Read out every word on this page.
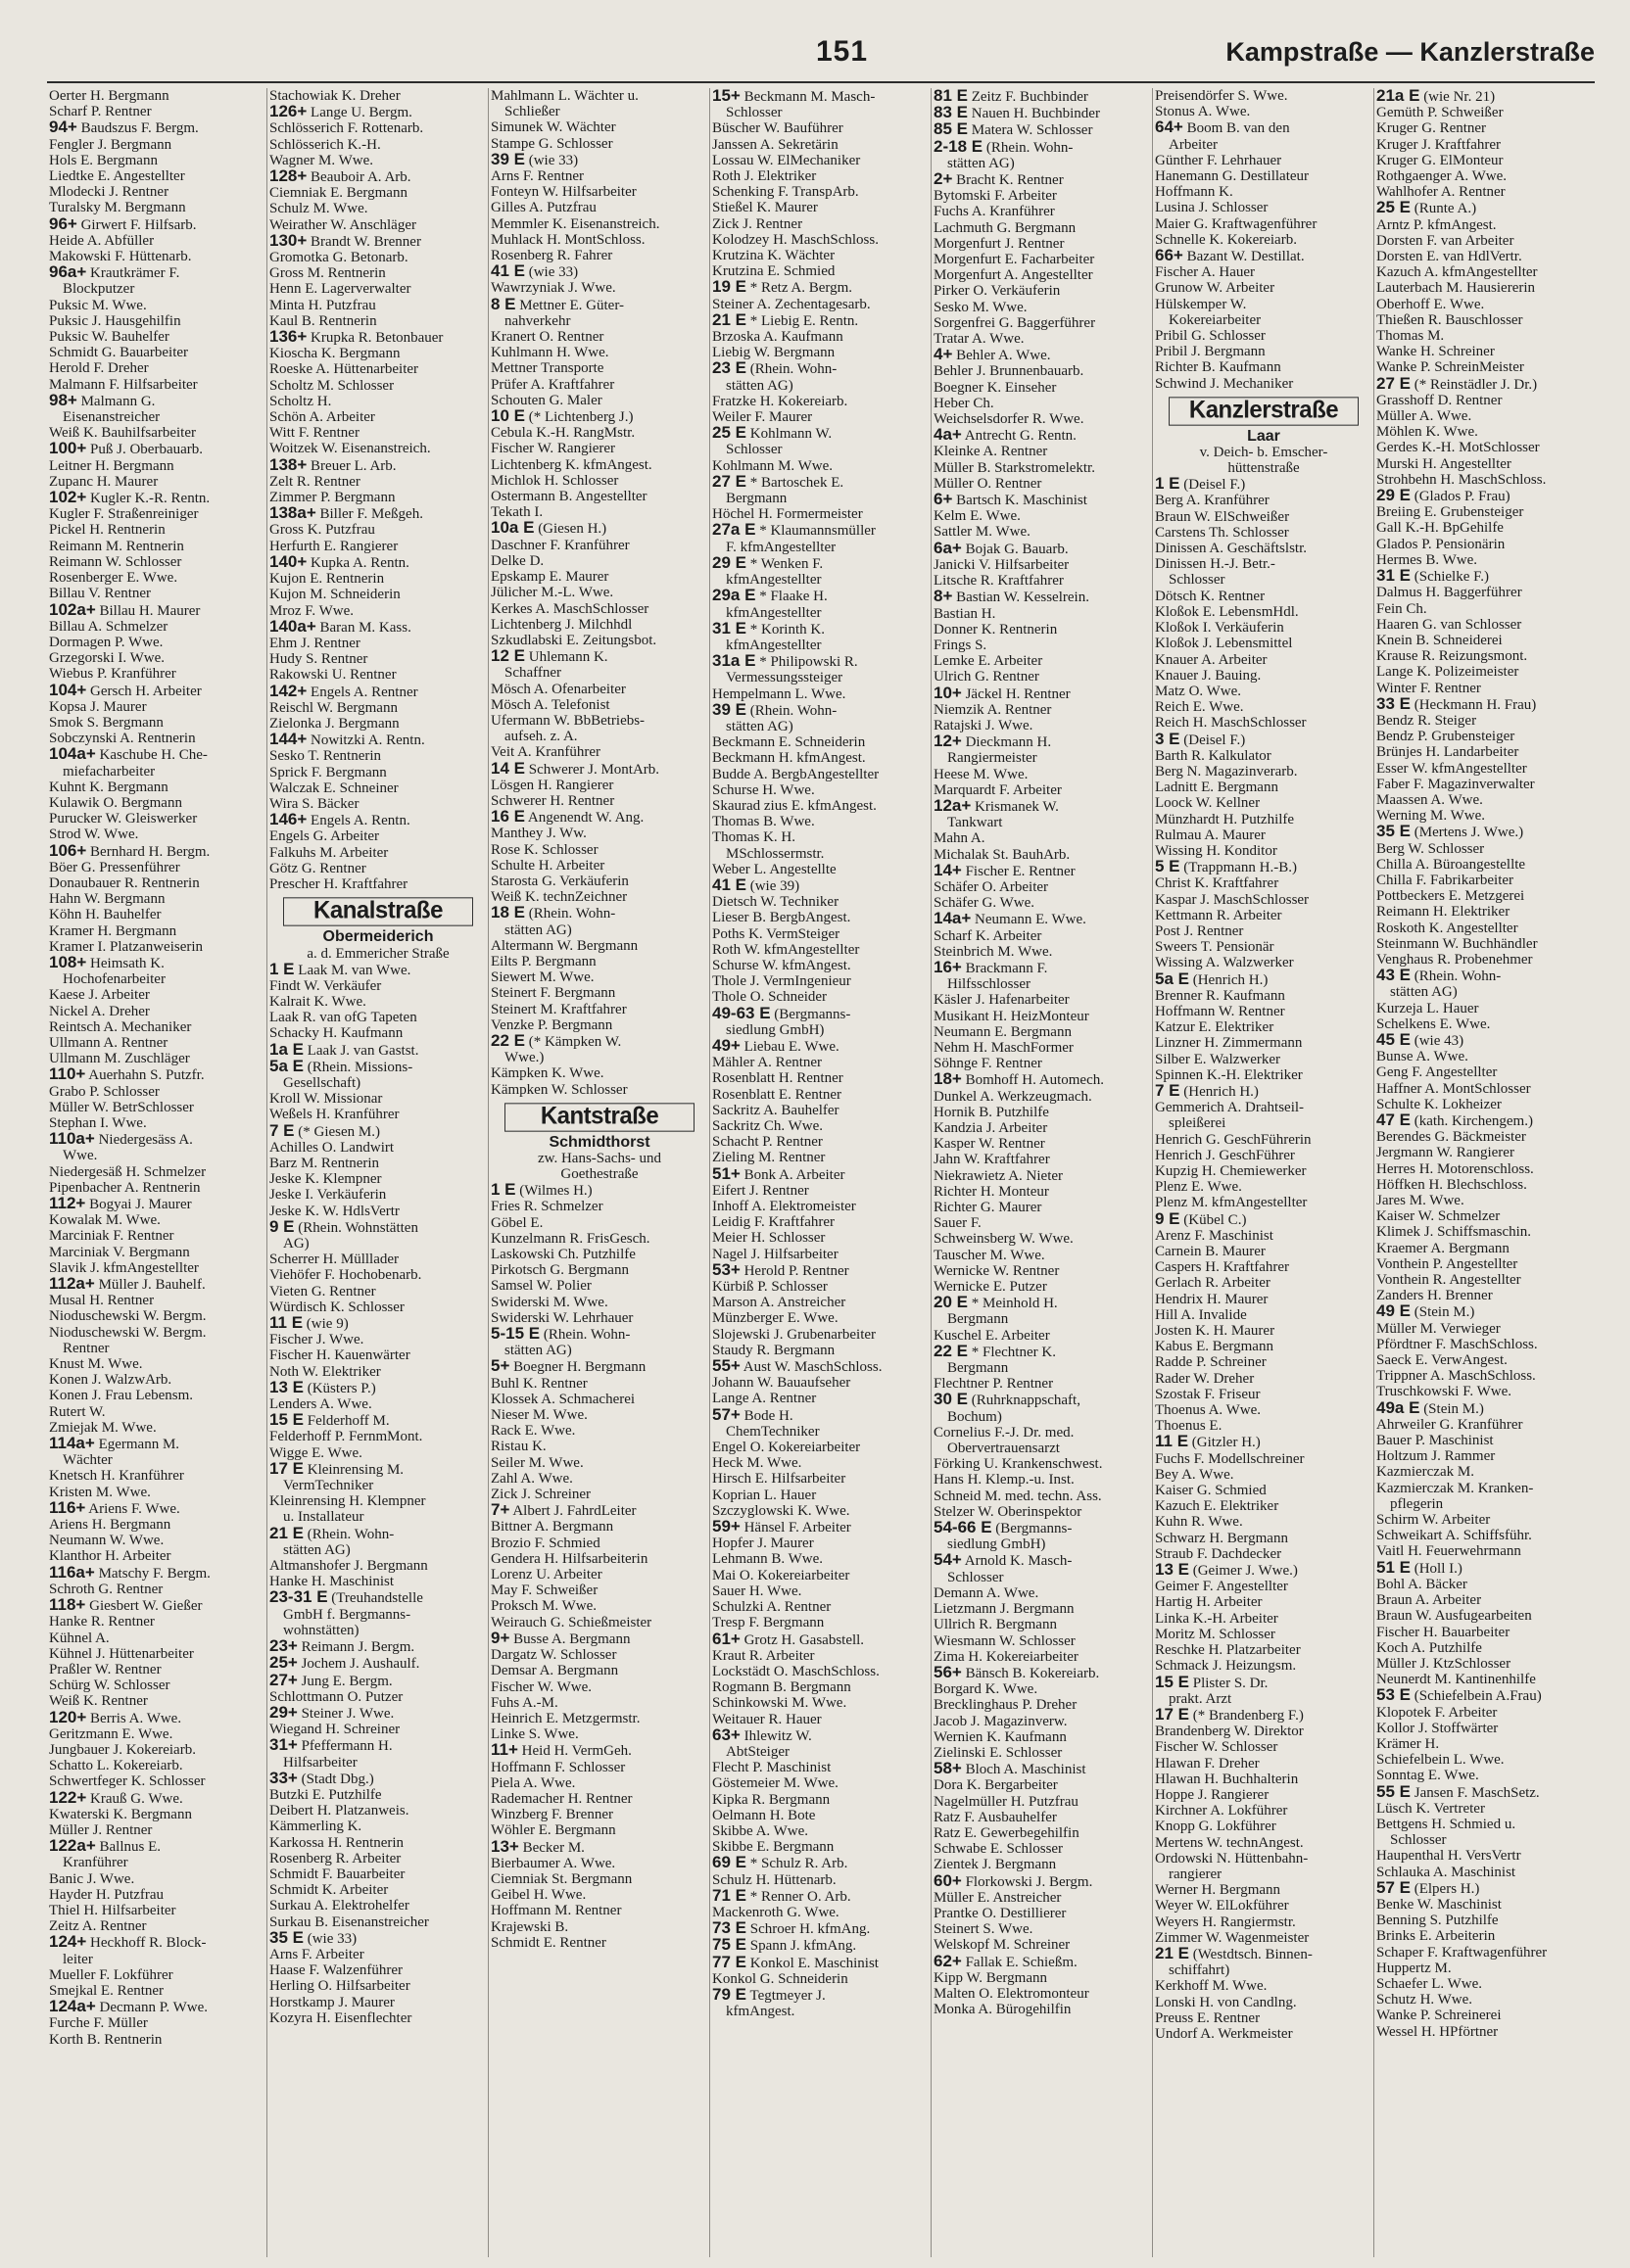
151	Kampstraße — Kanzlerstraße
Oerter H. Bergmann
Scharf P. Rentner
94+ Baudszus F. Bergm.
Fengler J. Bergmann
Hols E. Bergmann
Liedtke E. Angestellter
Mlodecki J. Rentner
Turalsky M. Bergmann
96+ Girwert F. Hilfsarb.
Heide A. Abfüller
Makowski F. Hüttenarb.
96a+ Krautkrämer F.
Blockputzer
Puksic M. Wwe.
Puksic J. Hausgehilfin
Puksic W. Bauhelfer
Schmidt G. Bauarbeiter
Herold F. Dreher
Malmann F. Hilfsarbeiter
98+ Malmann G.
Eisenanstreicher
Weiß K. Bauhilfsarbeiter
100+ Puß J. Oberbauarb.
Leitner H. Bergmann
Zupanc H. Maurer
102+ Kugler K.-R. Rentn.
Kugler F. Straßenreiniger
Pickel H. Rentnerin
Reimann M. Rentnerin
Reimann W. Schlosser
Rosenberger E. Wwe.
Billau V. Rentner
102a+ Billau H. Maurer
Billau A. Schmelzer
Dormagen P. Wwe.
Grzegorski I. Wwe.
Wiebus P. Kranführer
104+ Gersch H. Arbeiter
Kopsa J. Maurer
Smok S. Bergmann
Sobczynski A. Rentnerin
104a+ Kaschube H. Che-
miefacharbeiter
Kuhnt K. Bergmann
Kulawik O. Bergmann
Purucker W. Gleiswerker
Strod W. Wwe.
106+ Bernhard H. Bergm.
Böer G. Pressenführer
Donaubauer R. Rentnerin
Hahn W. Bergmann
Köhn H. Bauhelfer
Kramer H. Bergmann
Kramer I. Platzanweiserin
108+ Heimsath K.
Hochofenarbeiter
Kaese J. Arbeiter
Nickel A. Dreher
Reintsch A. Mechaniker
Ullmann A. Rentner
Ullmann M. Zuschläger
110+ Auerhahn S. Putzfr.
Grabo P. Schlosser
Müller W. BetrSchlosser
Stephan I. Wwe.
110a+ Niedergesäss A.
Wwe.
Niedergesäß H. Schmelzer
Pipenbacher A. Rentnerin
112+ Bogyai J. Maurer
Kowalak M. Wwe.
Marciniak F. Rentner
Marciniak V. Bergmann
Slavik J. kfmAngestellter
112a+ Müller J. Bauhelf.
Musal H. Rentner
Nioduschewski W. Bergm.
Nioduschewski W. Bergm.
Rentner
Knust M. Wwe.
Konen J. WalzwArb.
Konen J. Frau Lebensm.
Rutert W.
Zmiejak M. Wwe.
114a+ Egermann M.
Wächter
Knetsch H. Kranführer
Kristen M. Wwe.
116+ Ariens F. Wwe.
Ariens H. Bergmann
Neumann W. Wwe.
Klanthor H. Arbeiter
116a+ Matschy F. Bergm.
Schroth G. Rentner
118+ Giesbert W. Gießer
Hanke R. Rentner
Kühnel A.
Kühnel J. Hüttenarbeiter
Praßler W. Rentner
Schürg W. Schlosser
Weiß K. Rentner
120+ Berris A. Wwe.
Geritzmann E. Wwe.
Jungbauer J. Kokereiarb.
Schatto L. Kokereiarb.
Schwertfeger K. Schlosser
122+ Krauß G. Wwe.
Kwaterski K. Bergmann
Müller J. Rentner
122a+ Ballnus E.
Kranführer
Banic J. Wwe.
Hayder H. Putzfrau
Thiel H. Hilfsarbeiter
Zeitz A. Rentner
124+ Heckhoff R. Block-
leiter
Mueller F. Lokführer
Smejkal E. Rentner
124a+ Decmann P. Wwe.
Furche F. Müller
Korth B. Rentnerin
Stachowiak K. Dreher
126+ Lange U. Bergm.
Schlösserich F. Rottenarb.
Schlösserich K.-H.
Wagner M. Wwe.
128+ Beauboir A. Arb.
Ciemniak E. Bergmann
Schulz M. Wwe.
Weirather W. Anschläger
130+ Brandt W. Brenner
Gromotka G. Betonarb.
Gross M. Rentnerin
Henn E. Lagerverwalter
Minta H. Putzfrau
Kaul B. Rentnerin
136+ Krupka R. Betonbauer
Kioscha K. Bergmann
Roeske A. Hüttenarbeiter
Scholtz M. Schlosser
Scholtz H.
Schön A. Arbeiter
Witt F. Rentner
Woitzek W. Eisenanstreich.
138+ Breuer L. Arb.
Zelt R. Rentner
Zimmer P. Bergmann
138a+ Biller F. Meßgeh.
Gross K. Putzfrau
Herfurth E. Rangierer
140+ Kupka A. Rentn.
Kujon E. Rentnerin
Kujon M. Schneiderin
Mroz F. Wwe.
140a+ Baran M. Kass.
Ehm J. Rentner
Hudy S. Rentner
Rakowski U. Rentner
142+ Engels A. Rentner
Reischl W. Bergmann
Zielonka J. Bergmann
144+ Nowitzki A. Rentn.
Sesko T. Rentnerin
Sprick F. Bergmann
Walczak E. Schneiner
Wira S. Bäcker
146+ Engels A. Rentn.
Engels G. Arbeiter
Falkuhs M. Arbeiter
Götz G. Rentner
Prescher H. Kraftfahrer
Kanalstraße
Obermeiderich
a. d. Emmericher Straße
1 E Laak M. van Wwe.
Findt W. Verkäufer
Kalrait K. Wwe.
Laak R. van ofG Tapeten
Schacky H. Kaufmann
1a E Laak J. van Gastst.
5a E (Rhein. Missions-
Gesellschaft)
Kroll W. Missionar
Weßels H. Kranführer
7 E (* Giesen M.)
Achilles O. Landwirt
Barz M. Rentnerin
Jeske K. Klempner
Jeske I. Verkäuferin
Jeske K. W. HdlsVertr
9 E (Rhein. Wohnstätten
AG)
Scherrer H. Mülllader
Viehöfer F. Hochobenarb.
Vieten G. Rentner
Würdisch K. Schlosser
11 E (wie 9)
Fischer J. Wwe.
Fischer H. Kauenwärter
Noth W. Elektriker
13 E (Küsters P.)
Lenders A. Wwe.
15 E Felderhoff M.
Felderhoff P. FernmMont.
Wigge E. Wwe.
17 E Kleinrensing M.
VermTechniker
Kleinrensing H. Klempner
u. Installateur
21 E (Rhein. Wohn-
stätten AG)
Altmanshofer J. Bergmann
Hanke H. Maschinist
23-31 E (Treuhandstelle
GmbH f. Bergmanns-
wohnstätten)
23+ Reimann J. Bergm.
25+ Jochem J. Aushaulf.
27+ Jung E. Bergm.
Schlottmann O. Putzer
29+ Steiner J. Wwe.
Wiegand H. Schreiner
31+ Pfeffermann H.
Hilfsarbeiter
33+ (Stadt Dbg.)
Butzki E. Putzhilfe
Deibert H. Platzanweis.
Kämmerling K.
Karkossa H. Rentnerin
Rosenberg R. Arbeiter
Schmidt F. Bauarbeiter
Schmidt K. Arbeiter
Surkau A. Elektrohelfer
Surkau B. Eisenanstreicher
35 E (wie 33)
Arns F. Arbeiter
Haase F. Walzenführer
Herling O. Hilfsarbeiter
Horstkamp J. Maurer
Kozyra H. Eisenflechter
Mahlmann L. Wächter u.
Schließer
Simunek W. Wächter
Stampe G. Schlosser
39 E (wie 33)
Arns F. Rentner
Fonteyn W. Hilfsarbeiter
Gilles A. Putzfrau
Memmler K. Eisenanstreich.
Muhlack H. MontSchloss.
Rosenberg R. Fahrer
41 E (wie 33)
Wawrzyniak J. Wwe.
8 E Mettner E. Güter-
nahverkehr
Kranert O. Rentner
Kuhlmann H. Wwe.
Mettner Transporte
Prüfer A. Kraftfahrer
Schouten G. Maler
10 E (* Lichtenberg J.)
Cebula K.-H. RangMstr.
Fischer W. Rangierer
Lichtenberg K. kfmAngest.
Michlok H. Schlosser
Ostermann B. Angestellter
Tekath I.
10a E (Giesen H.)
Daschner F. Kranführer
Delke D.
Epskamp E. Maurer
Jülicher M.-L. Wwe.
Kerkes A. MaschSchlosser
Lichtenberg J. Milchhdl
Szkudlabski E. Zeitungsbot.
12 E Uhlemann K.
Schaffner
Mösch A. Ofenarbeiter
Mösch A. Telefonist
Ufermann W. BbBetriebs-
aufseh. z. A.
Veit A. Kranführer
14 E Schwerer J. MontArb.
Lösgen H. Rangierer
Schwerer H. Rentner
16 E Angenendt W. Ang.
Manthey J. Ww.
Rose K. Schlosser
Schulte H. Arbeiter
Starosta G. Verkäuferin
Weiß K. technZeichner
18 E (Rhein. Wohn-
stätten AG)
Altermann W. Bergmann
Eilts P. Bergmann
Siewert M. Wwe.
Steinert F. Bergmann
Steinert M. Kraftfahrer
Venzke P. Bergmann
22 E (* Kämpken W.
Wwe.)
Kämpken K. Wwe.
Kämpken W. Schlosser
Kantstraße
Schmidthorst
zw. Hans-Sachs- und
Goethestraße
1 E (Wilmes H.)
Fries R. Schmelzer
Göbel E.
Kunzelmann R. FrisGesch.
Laskowski Ch. Putzhilfe
Pirkotsch G. Bergmann
Samsel W. Polier
Swiderski M. Wwe.
Swiderski W. Lehrhauer
5-15 E (Rhein. Wohn-
stätten AG)
5+ Boegner H. Bergmann
Buhl K. Rentner
Klossek A. Schmacherei
Nieser M. Wwe.
Rack E. Wwe.
Ristau K.
Seiler M. Wwe.
Zahl A. Wwe.
Zick J. Schreiner
7+ Albert J. FahrdLeiter
Bittner A. Bergmann
Brozio F. Schmied
Gendera H. Hilfsarbeiterin
Lorenz U. Arbeiter
May F. Schweißer
Proksch M. Wwe.
Weirauch G. Schießmeister
9+ Busse A. Bergmann
Dargatz W. Schlosser
Demsar A. Bergmann
Fischer W. Wwe.
Fuhs A.-M.
Heinrich E. Metzgermstr.
Linke S. Wwe.
11+ Heid H. VermGeh.
Hoffmann F. Schlosser
Piela A. Wwe.
Rademacher H. Rentner
Winzberg F. Brenner
Wöhler E. Bergmann
13+ Becker M.
Bierbaumer A. Wwe.
Ciemniak St. Bergmann
Geibel H. Wwe.
Hoffmann M. Rentner
Krajewski B.
Schmidt E. Rentner
15+ Beckmann M. Masch-
Schlosser
Büscher W. Bauführer
Janssen A. Sekretärin
Lossau W. ElMechaniker
Roth J. Elektriker
Schenking F. TranspArb.
Stießel K. Maurer
Zick J. Rentner
Kolodzey H. MaschSchloss.
Krutzina K. Wächter
Krutzina E. Schmied
19 E * Retz A. Bergm.
Steiner A. Zechentagesarb.
21 E * Liebig E. Rentn.
Brzoska A. Kaufmann
Liebig W. Bergmann
23 E (Rhein. Wohn-
stätten AG)
Fratzke H. Kokereiarb.
Weiler F. Maurer
25 E Kohlmann W.
Schlosser
Kohlmann M. Wwe.
27 E * Bartoschek E.
Bergmann
Höchel H. Formermeister
27a E * Klaumannsmüller
F. kfmAngestellter
29 E * Wenken F.
kfmAngestellter
29a E * Flaake H.
kfmAngestellter
31 E * Korinth K.
kfmAngestellter
31a E * Philipowski R.
Vermessungssteiger
Hempelmann L. Wwe.
39 E (Rhein. Wohn-
stätten AG)
Beckmann E. Schneiderin
Beckmann H. kfmAngest.
Budde A. BergbAngestellter
Schurse H. Wwe.
Skaurad zius E. kfmAngest.
Thomas B. Wwe.
Thomas K. H.
MSchlossermstr.
Weber L. Angestellte
41 E (wie 39)
Dietsch W. Techniker
Lieser B. BergbAngest.
Poths K. VermSteiger
Roth W. kfmAngestellter
Schurse W. kfmAngest.
Thole J. VermIngenieur
Thole O. Schneider
49-63 E (Bergmanns-
siedlung GmbH)
49+ Liebau E. Wwe.
Mähler A. Rentner
Rosenblatt H. Rentner
Rosenblatt E. Rentner
Sackritz A. Bauhelfer
Sackritz Ch. Wwe.
Schacht P. Rentner
Zieling M. Rentner
51+ Bonk A. Arbeiter
Eifert J. Rentner
Inhoff A. Elektromeister
Leidig F. Kraftfahrer
Meier H. Schlosser
Nagel J. Hilfsarbeiter
53+ Herold P. Rentner
Kürbiß P. Schlosser
Marson A. Anstreicher
Münzberger E. Wwe.
Slojewski J. Grubenarbeiter
Staudy R. Bergmann
55+ Aust W. MaschSchloss.
Johann W. Bauaufseher
Lange A. Rentner
57+ Bode H.
ChemTechniker
Engel O. Kokereiarbeiter
Heck M. Wwe.
Hirsch E. Hilfsarbeiter
Koprian L. Hauer
Szczyglowski K. Wwe.
59+ Hänsel F. Arbeiter
Hopfer J. Maurer
Lehmann B. Wwe.
Mai O. Kokereiarbeiter
Sauer H. Wwe.
Schulzki A. Rentner
Tresp F. Bergmann
61+ Grotz H. Gasabstell.
Kraut R. Arbeiter
Lockstädt O. MaschSchloss.
Rogmann B. Bergmann
Schinkowski M. Wwe.
Weitauer R. Hauer
63+ Ihlewitz W.
AbtSteiger
Flecht P. Maschinist
Göstemeier M. Wwe.
Kipka R. Bergmann
Oelmann H. Bote
Skibbe A. Wwe.
Skibbe E. Bergmann
69 E * Schulz R. Arb.
Schulz H. Hüttenarb.
71 E * Renner O. Arb.
Mackenroth G. Wwe.
73 E Schroer H. kfmAng.
75 E Spann J. kfmAng.
77 E Konkol E. Maschinist
Konkol G. Schneiderin
79 E Tegtmeyer J.
kfmAngest.
81 E Zeitz F. Buchbinder
83 E Nauen H. Buchbinder
85 E Matera W. Schlosser
2-18 E (Rhein. Wohn-
stätten AG)
2+ Bracht K. Rentner
Bytomski F. Arbeiter
Fuchs A. Kranführer
Lachmuth G. Bergmann
Morgenfurt J. Rentner
Morgenfurt E. Facharbeiter
Morgenfurt A. Angestellter
Pirker O. Verkäuferin
Sesko M. Wwe.
Sorgenfrei G. Baggerführer
Tratar A. Wwe.
4+ Behler A. Wwe.
Behler J. Brunnenbauarb.
Boegner K. Einseher
Heber Ch.
Weichselsdorfer R. Wwe.
4a+ Antrecht G. Rentn.
Kleinke A. Rentner
Müller B. Starkstromelektr.
Müller O. Rentner
6+ Bartsch K. Maschinist
Kelm E. Wwe.
Sattler M. Wwe.
6a+ Bojak G. Bauarb.
Janicki V. Hilfsarbeiter
Litsche R. Kraftfahrer
8+ Bastian W. Kesselrein.
Bastian H.
Donner K. Rentnerin
Frings S.
Lemke E. Arbeiter
Ulrich G. Rentner
10+ Jäckel H. Rentner
Niemzik A. Rentner
Ratajski J. Wwe.
12+ Dieckmann H.
Rangiermeister
Heese M. Wwe.
Marquardt F. Arbeiter
12a+ Krismanek W.
Tankwart
Mahn A.
Michalak St. BauhArb.
14+ Fischer E. Rentner
Schäfer O. Arbeiter
Schäfer G. Wwe.
14a+ Neumann E. Wwe.
Scharf K. Arbeiter
Steinbrich M. Wwe.
16+ Brackmann F.
Hilfsschlosser
Käsler J. Hafenarbeiter
Musikant H. HeizMonteur
Neumann E. Bergmann
Nehm H. MaschFormer
Söhnge F. Rentner
18+ Bomhoff H. Automech.
Dunkel A. Werkzeugmach.
Hornik B. Putzhilfe
Kandzia J. Arbeiter
Kasper W. Rentner
Jahn W. Kraftfahrer
Niekrawietz A. Nieter
Richter H. Monteur
Richter G. Maurer
Sauer F.
Schweinsberg W. Wwe.
Tauscher M. Wwe.
Wernicke W. Rentner
Wernicke E. Putzer
20 E * Meinhold H.
Bergmann
Kuschel E. Arbeiter
22 E * Flechtner K.
Bergmann
Flechtner P. Rentner
30 E (Ruhrknappschaft,
Bochum)
Cornelius F.-J. Dr. med.
Obervertrauensarzt
Förking U. Krankenschwest.
Hans H. Klemp.-u. Inst.
Schneid M. med. techn. Ass.
Stelzer W. Oberinspektor
54-66 E (Bergmanns-
siedlung GmbH)
54+ Arnold K. Masch-
Schlosser
Demann A. Wwe.
Lietzmann J. Bergmann
Ullrich R. Bergmann
Wiesmann W. Schlosser
Zima H. Kokereiarbeiter
56+ Bänsch B. Kokereiarb.
Borgard K. Wwe.
Brecklinghaus P. Dreher
Jacob J. Magazinverw.
Wernien K. Kaufmann
Zielinski E. Schlosser
58+ Bloch A. Maschinist
Dora K. Bergarbeiter
Nagelmüller H. Putzfrau
Ratz F. Ausbauhelfer
Ratz E. Gewerbegehilfin
Schwabe E. Schlosser
Zientek J. Bergmann
60+ Florkowski J. Bergm.
Müller E. Anstreicher
Prantke O. Destillierer
Steinert S. Wwe.
Welskopf M. Schreiner
62+ Fallak E. Schießm.
Kipp W. Bergmann
Malten O. Elektromonteur
Monka A. Bürogehilfin
Preisendörfer S. Wwe.
Stonus A. Wwe.
64+ Boom B. van den
Arbeiter
Günther F. Lehrhauer
Hanemann G. Destillateur
Hoffmann K.
Lusina J. Schlosser
Maier G. Kraftwagenführer
Schnelle K. Kokereiarb.
66+ Bazant W. Destillat.
Fischer A. Hauer
Grunow W. Arbeiter
Hülskemper W.
Kokereiarbeiter
Pribil G. Schlosser
Pribil J. Bergmann
Richter B. Kaufmann
Schwind J. Mechaniker
Kanzlerstraße
Laar
v. Deich- b. Emscher-
hüttenstraße
1 E (Deisel F.)
Berg A. Kranführer
Braun W. ElSchweißer
Carstens Th. Schlosser
Dinissen A. Geschäftslstr.
Dinissen H.-J. Betr.-
Schlosser
Dötsch K. Rentner
Kloßok E. LebensmHdl.
Kloßok I. Verkäuferin
Kloßok J. Lebensmittel
Knauer A. Arbeiter
Knauer J. Bauing.
Matz O. Wwe.
Reich E. Wwe.
Reich H. MaschSchlosser
3 E (Deisel F.)
Barth R. Kalkulator
Berg N. Magazinverarb.
Ladnitt E. Bergmann
Loock W. Kellner
Münzhardt H. Putzhilfe
Rulmau A. Maurer
Wissing H. Konditor
5 E (Trappmann H.-B.)
Christ K. Kraftfahrer
Kaspar J. MaschSchlosser
Kettmann R. Arbeiter
Post J. Rentner
Sweers T. Pensionär
Wissing A. Walzwerker
5a E (Henrich H.)
Brenner R. Kaufmann
Hoffmann W. Rentner
Katzur E. Elektriker
Linzner H. Zimmermann
Silber E. Walzwerker
Spinnen K.-H. Elektriker
7 E (Henrich H.)
Gemmerich A. Drahtseil-
spleißerei
Henrich G. GeschFührerin
Henrich J. GeschFührer
Kupzig H. Chemiewerker
Plenz E. Wwe.
Plenz M. kfmAngestellter
9 E (Kübel C.)
Arenz F. Maschinist
Carnein B. Maurer
Caspers H. Kraftfahrer
Gerlach R. Arbeiter
Hendrix H. Maurer
Hill A. Invalide
Josten K. H. Maurer
Kabus E. Bergmann
Radde P. Schreiner
Rader W. Dreher
Szostak F. Friseur
Thoenus A. Wwe.
Thoenus E.
11 E (Gitzler H.)
Fuchs F. Modellschreiner
Bey A. Wwe.
Kaiser G. Schmied
Kazuch E. Elektriker
Kuhn R. Wwe.
Schwarz H. Bergmann
Straub F. Dachdecker
13 E (Geimer J. Wwe.)
Geimer F. Angestellter
Hartig H. Arbeiter
Linka K.-H. Arbeiter
Moritz M. Schlosser
Reschke H. Platzarbeiter
Schmack J. Heizungsm.
15 E Plister S. Dr.
prakt. Arzt
17 E (* Brandenberg F.)
Brandenberg W. Direktor
Fischer W. Schlosser
Hlawan F. Dreher
Hlawan H. Buchhalterin
Hoppe J. Rangierer
Kirchner A. Lokführer
Knopp G. Lokführer
Mertens W. technAngest.
Ordowski N. Hüttenbahn-
rangierer
Werner H. Bergmann
Weyer W. ElLokführer
Weyers H. Rangiermstr.
Zimmer W. Wagenmeister
21 E (Westdtsch. Binnen-
schiffahrt)
Kerkhoff M. Wwe.
Lonski H. von Candlng.
Preuss E. Rentner
Undorf A. Werkmeister
21a E (wie Nr. 21)
Gemüth P. Schweißer
Kruger G. Rentner
Kruger J. Kraftfahrer
Kruger G. ElMonteur
Rothgaenger A. Wwe.
Wahlhofer A. Rentner
25 E (Runte A.)
Arntz P. kfmAngest.
Dorsten F. van Arbeiter
Dorsten E. van HdlVertr.
Kazuch A. kfmAngestellter
Lauterbach M. Hausiererin
Oberhoff E. Wwe.
Thießen R. Bauschlosser
Thomas M.
Wanke H. Schreiner
Wanke P. SchreinMeister
27 E (* Reinstädler J. Dr.)
Grasshoff D. Rentner
Müller A. Wwe.
Möhlen K. Wwe.
Gerdes K.-H. MotSchlosser
Murski H. Angestellter
Strohbehn H. MaschSchloss.
29 E (Glados P. Frau)
Breiing E. Grubensteiger
Gall K.-H. BpGehilfe
Glados P. Pensionärin
Hermes B. Wwe.
31 E (Schielke F.)
Dalmus H. Baggerführer
Fein Ch.
Haaren G. van Schlosser
Knein B. Schneiderei
Krause R. Reizungsmont.
Lange K. Polizeimeister
Winter F. Rentner
33 E (Heckmann H. Frau)
Bendz R. Steiger
Bendz P. Grubensteiger
Brünjes H. Landarbeiter
Esser W. kfmAngestellter
Faber F. Magazinverwalter
Maassen A. Wwe.
Werning M. Wwe.
35 E (Mertens J. Wwe.)
Berg W. Schlosser
Chilla A. Büroangestellte
Chilla F. Fabrikarbeiter
Pottbeckers E. Metzgerei
Reimann H. Elektriker
Roskoth K. Angestellter
Steinmann W. Buchhändler
Venghaus R. Probenehmer
43 E (Rhein. Wohn-
stätten AG)
Kurzeja L. Hauer
Schelkens E. Wwe.
45 E (wie 43)
Bunse A. Wwe.
Geng F. Angestellter
Haffner A. MontSchlosser
Schulte K. Lokheizer
47 E (kath. Kirchengem.)
Berendes G. Bäckmeister
Jergmann W. Rangierer
Herres H. Motorenschloss.
Höffken H. Blechschloss.
Jares M. Wwe.
Kaiser W. Schmelzer
Klimek J. Schiffsmaschin.
Kraemer A. Bergmann
Vonthein P. Angestellter
Vonthein R. Angestellter
Zanders H. Brenner
49 E (Stein M.)
Müller M. Verwieger
Pfördtner F. MaschSchloss.
Saeck E. VerwAngest.
Trippner A. MaschSchloss.
Truschkowski F. Wwe.
49a E (Stein M.)
Ahrweiler G. Kranführer
Bauer P. Maschinist
Holtzum J. Rammer
Kazmierczak M.
Kazmierczak M. Kranken-
pflegerin
Schirm W. Arbeiter
Schweikart A. Schiffsführ.
Vaitl H. Feuerwehrmann
51 E (Holl I.)
Bohl A. Bäcker
Braun A. Arbeiter
Braun W. Ausfugearbeiten
Fischer H. Bauarbeiter
Koch A. Putzhilfe
Müller J. KtzSchlosser
Neunerdt M. Kantinenhilfe
53 E (Schiefelbein A.Frau)
Klopotek F. Arbeiter
Kollor J. Stoffwärter
Krämer H.
Schiefelbein L. Wwe.
Sonntag E. Wwe.
55 E Jansen F. MaschSetz.
Lüsch K. Vertreter
Bettgens H. Schmied u.
Schlosser
Haupenthal H. VersVertr
Schlauka A. Maschinist
57 E (Elpers H.)
Benke W. Maschinist
Benning S. Putzhilfe
Brinks E. Arbeiterin
Schaper F. Kraftwagenführer
Huppertz M.
Schaefer L. Wwe.
Schutz H. Wwe.
Wanke P. Schreinerei
Wessel H. HPförtner
